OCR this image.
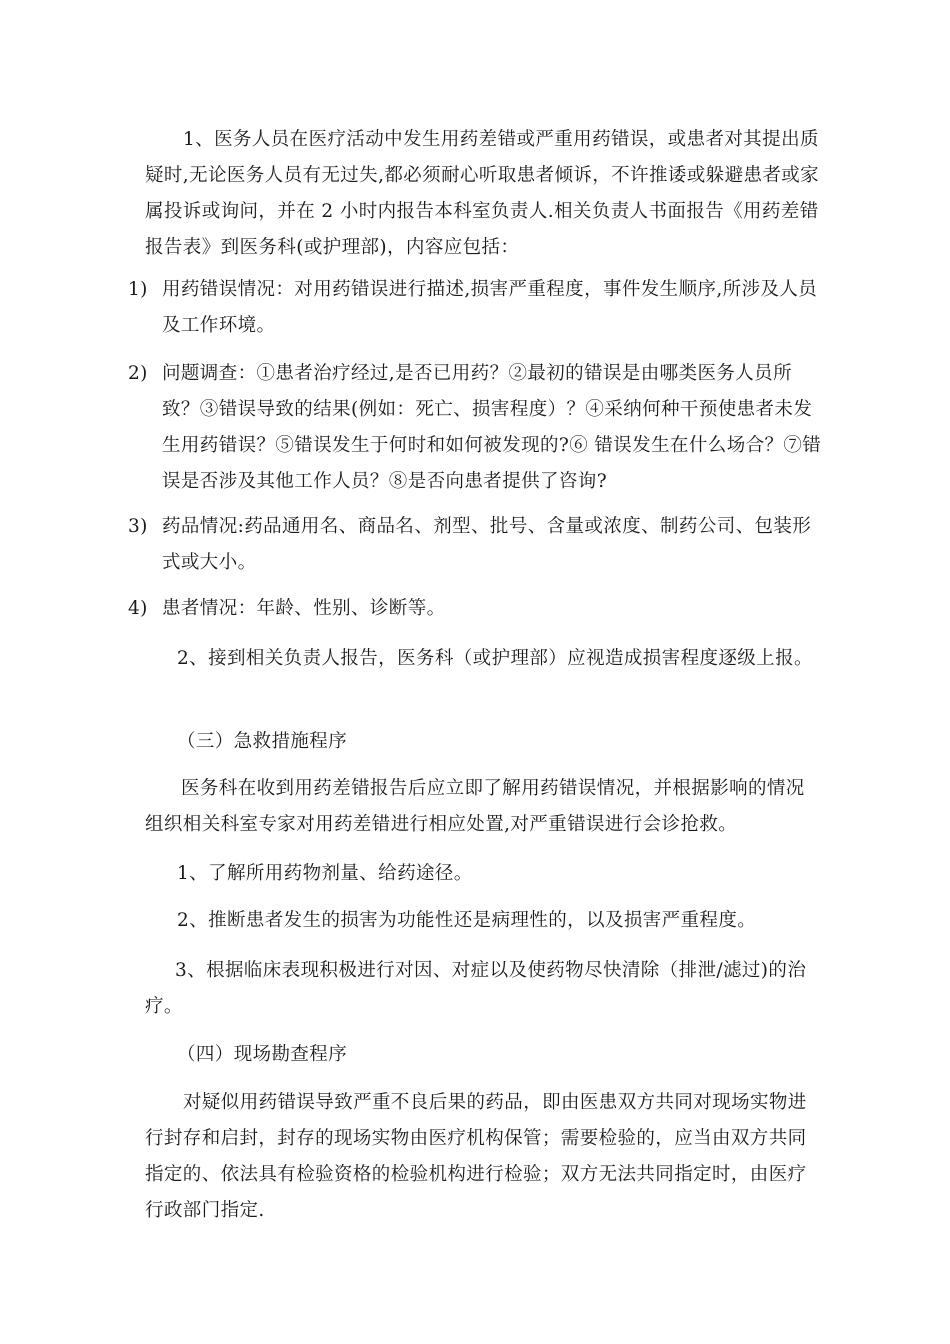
1、医务人员在医疗活动中发生用药差错或严重用药错误，或患者对其提出质疑时,无论医务人员有无过失,都必须耐心听取患者倾诉，不许推诿或躲避患者或家属投诉或询问，并在 2 小时内报告本科室负责人.相关负责人书面报告《用药差错报告表》到医务科(或护理部)，内容应包括：
1) 用药错误情况：对用药错误进行描述,损害严重程度，事件发生顺序,所涉及人员及工作环境。
2) 问题调查：①患者治疗经过,是否已用药？②最初的错误是由哪类医务人员所致？③错误导致的结果(例如：死亡、损害程度）？④采纳何种干预使患者未发生用药错误？⑤错误发生于何时和如何被发现的?⑥ 错误发生在什么场合？⑦错误是否涉及其他工作人员？⑧是否向患者提供了咨询?
3) 药品情况:药品通用名、商品名、剂型、批号、含量或浓度、制药公司、包装形式或大小。
4) 患者情况：年龄、性别、诊断等。
2、接到相关负责人报告，医务科（或护理部）应视造成损害程度逐级上报。
（三）急救措施程序
医务科在收到用药差错报告后应立即了解用药错误情况，并根据影响的情况组织相关科室专家对用药差错进行相应处置,对严重错误进行会诊抢救。
1、了解所用药物剂量、给药途径。
2、推断患者发生的损害为功能性还是病理性的，以及损害严重程度。
3、根据临床表现积极进行对因、对症以及使药物尽快清除（排泄/滤过)的治疗。
（四）现场勘查程序
对疑似用药错误导致严重不良后果的药品，即由医患双方共同对现场实物进行封存和启封，封存的现场实物由医疗机构保管；需要检验的，应当由双方共同指定的、依法具有检验资格的检验机构进行检验；双方无法共同指定时，由医疗行政部门指定.
